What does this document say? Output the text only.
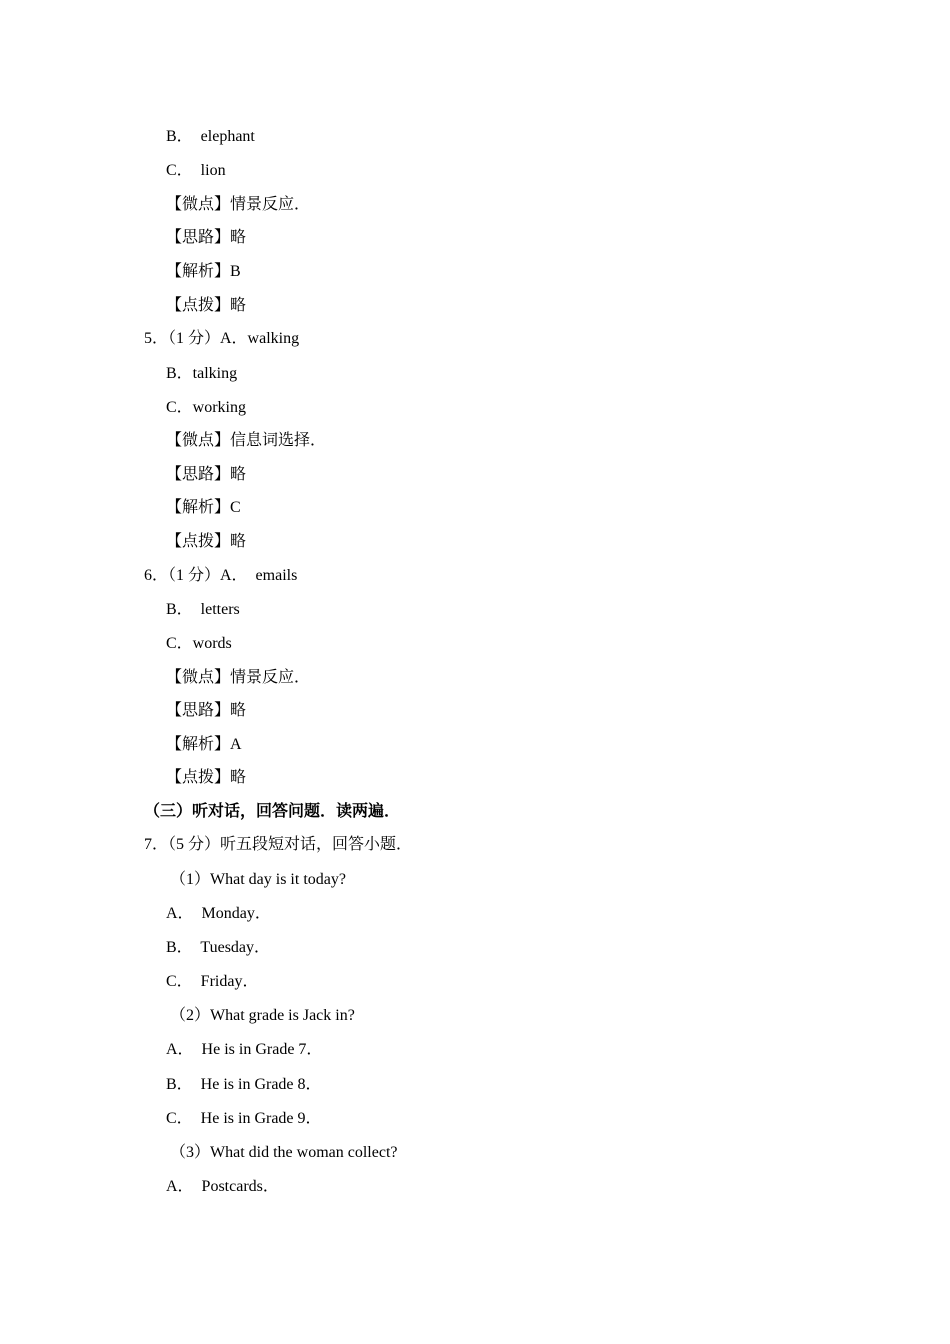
B．  elephant
C．  lion
【微点】情景反应．
【思路】略
【解析】B
【点拨】略
5．（1 分）A．walking
B．talking
C．working
【微点】信息词选择．
【思路】略
【解析】C
【点拨】略
6．（1 分）A．  emails
B．  letters
C．words
【微点】情景反应．
【思路】略
【解析】A
【点拨】略
（三）听对话，回答问题．读两遍．
7．（5 分）听五段短对话，回答小题．
（1）What day is it today?
A．  Monday．
B．  Tuesday．
C．  Friday．
（2）What grade is Jack in?
A．  He is in Grade 7．
B．  He is in Grade 8．
C．  He is in Grade 9．
（3）What did the woman collect?
A．  Postcards．
